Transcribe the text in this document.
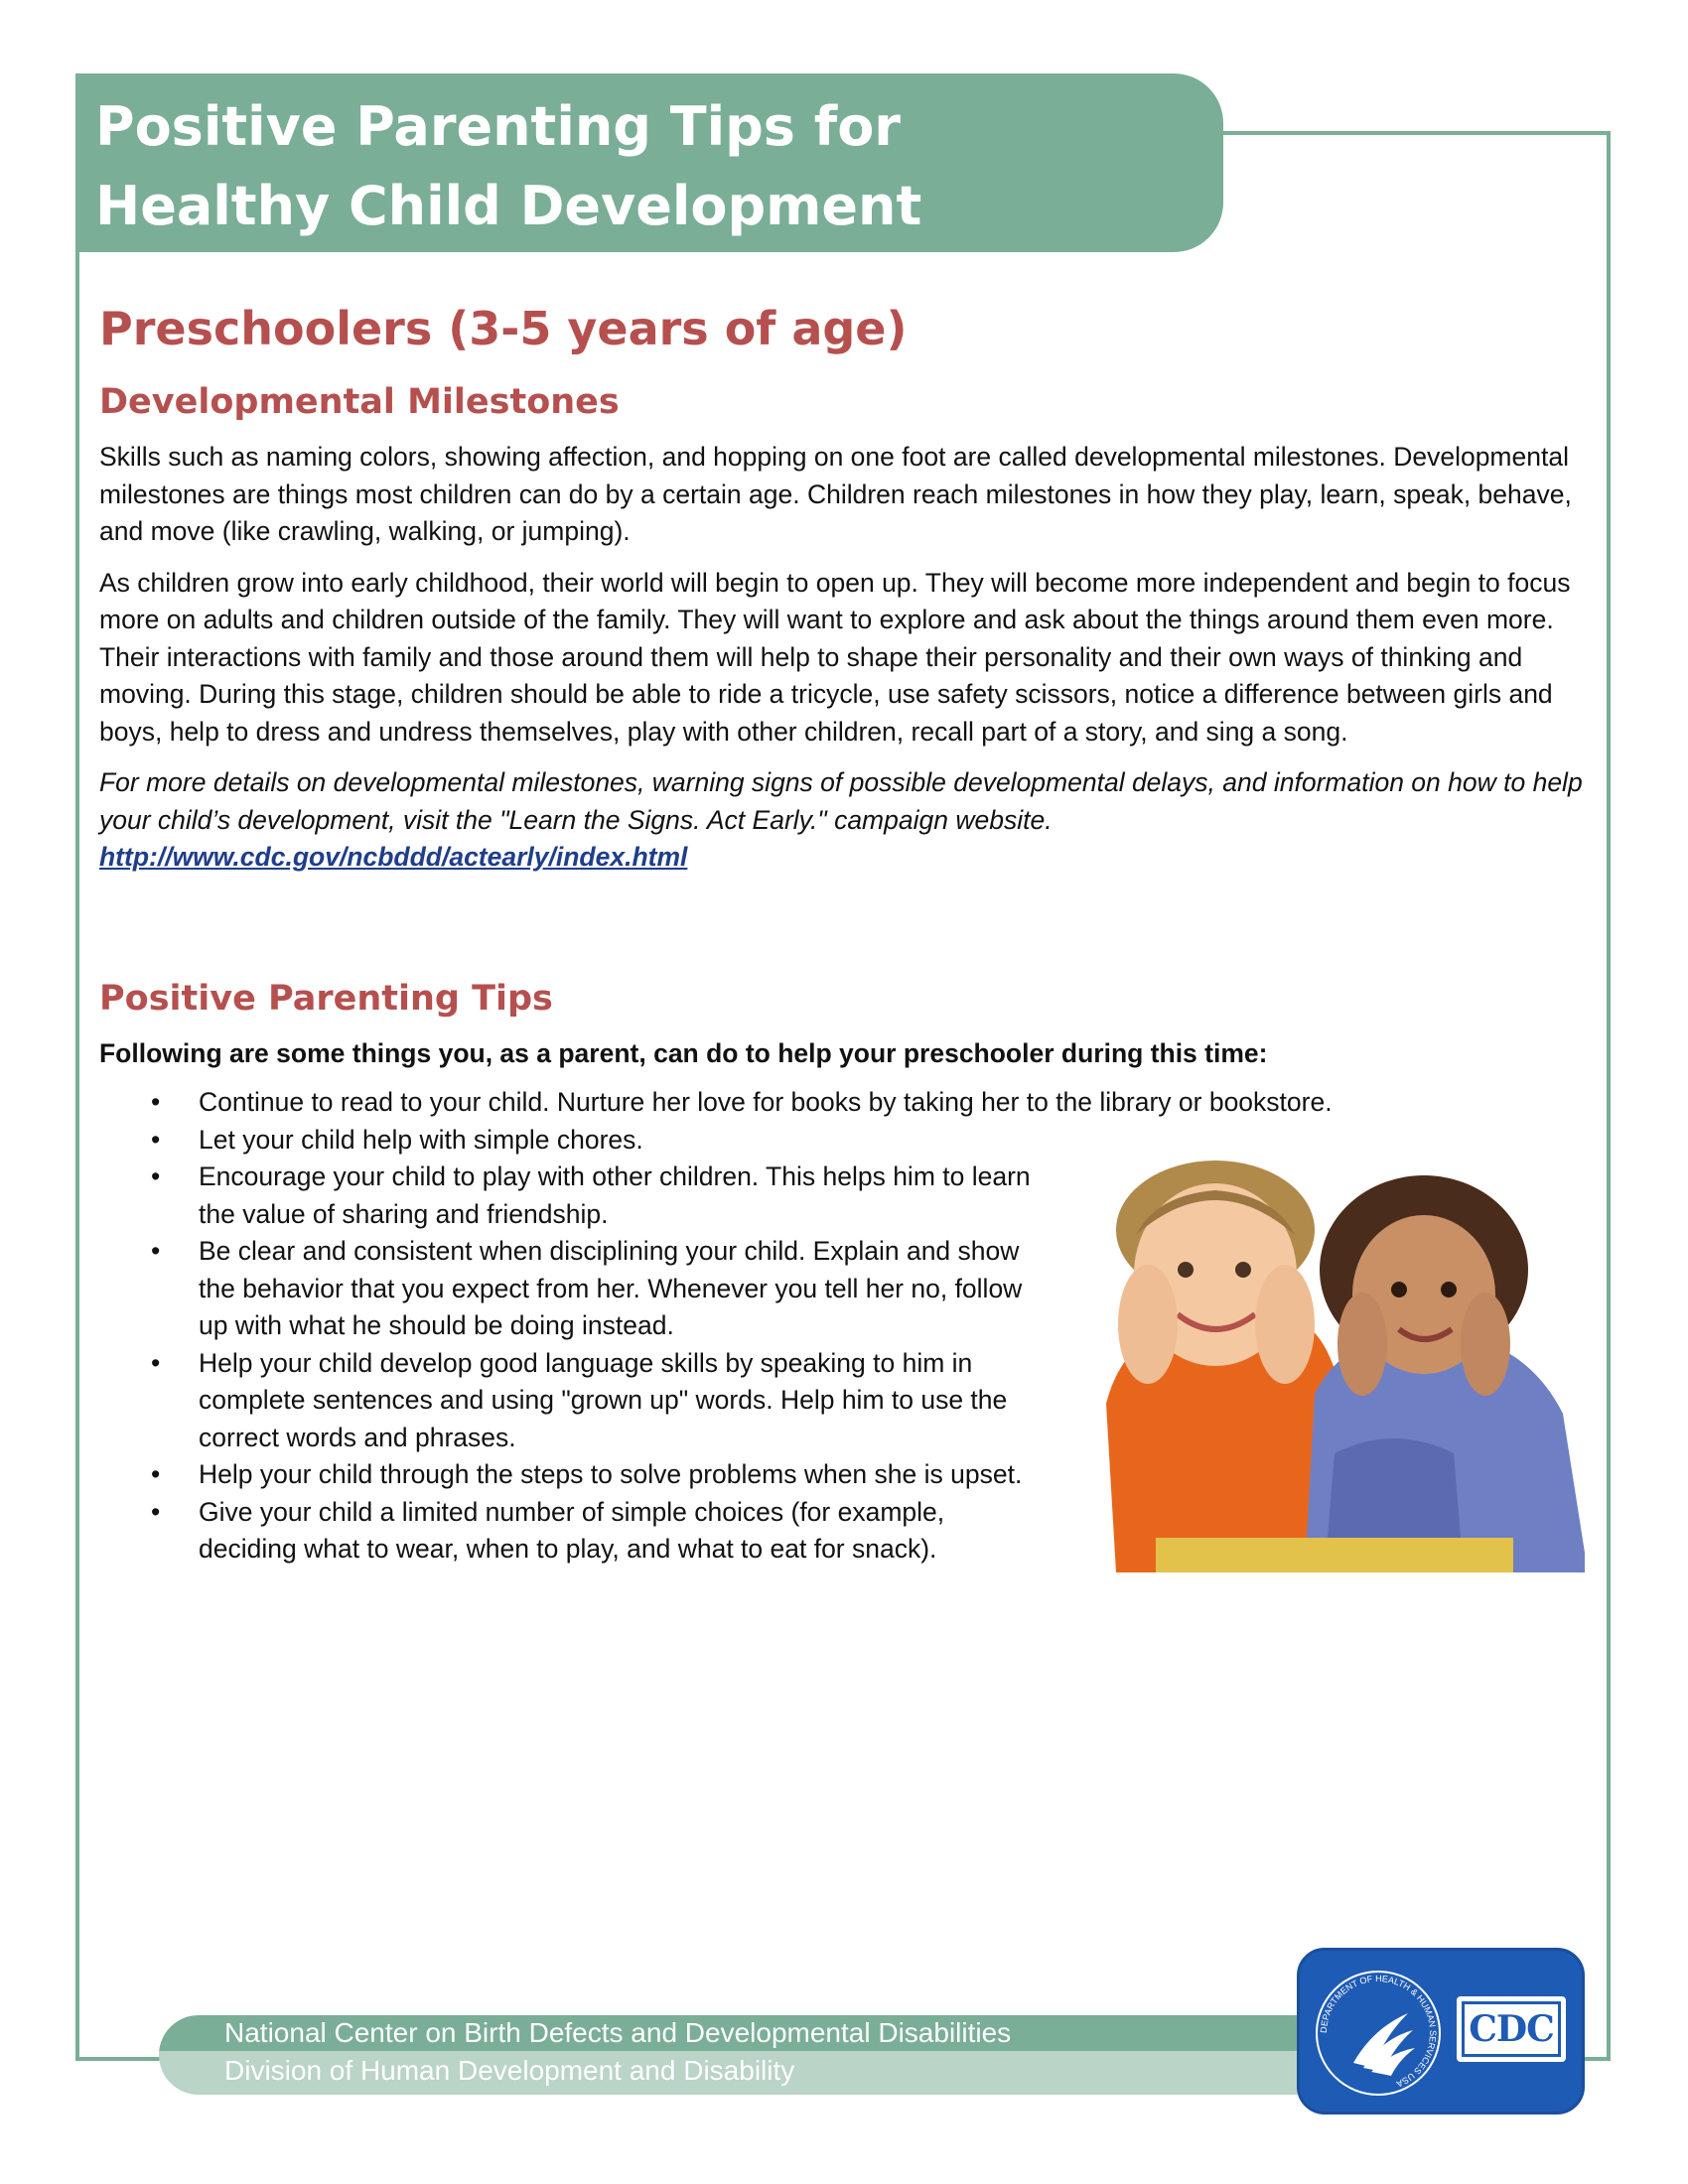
Positive Parenting Tips for
Healthy Child Development
Preschoolers (3-5 years of age)
Developmental Milestones

Skills such as naming colors, showing affection, and hopping on one foot are called developmental milestones. Developmental milestones are things most children can do by a certain age. Children reach milestones in how they play, learn, speak, behave, and move (like crawling, walking, or jumping).

As children grow into early childhood, their world will begin to open up. They will become more independent and begin to focus more on adults and children outside of the family. They will want to explore and ask about the things around them even more. Their interactions with family and those around them will help to shape their personality and their own ways of thinking and moving. During this stage, children should be able to ride a tricycle, use safety scissors, notice a difference between girls and boys, help to dress and undress themselves, play with other children, recall part of a story, and sing a song.

For more details on developmental milestones, warning signs of possible developmental delays, and information on how to help your child’s development, visit the "Learn the Signs. Act Early." campaign website.

http://www.cdc.gov/ncbddd/actearly/index.html
Positive Parenting Tips

Following are some things you, as a parent, can do to help your preschooler during this time:

• Continue to read to your child. Nurture her love for books by taking her to the library or bookstore.
• Let your child help with simple chores.
• Encourage your child to play with other children. This helps him to learn the value of sharing and friendship.
• Be clear and consistent when disciplining your child. Explain and show the behavior that you expect from her. Whenever you tell her no, follow up with what he should be doing instead.
• Help your child develop good language skills by speaking to him in complete sentences and using "grown up" words. Help him to use the correct words and phrases.
• Help your child through the steps to solve problems when she is upset.
• Give your child a limited number of simple choices (for example, deciding what to wear, when to play, and what to eat for snack).
National Center on Birth Defects and Developmental Disabilities
Division of Human Development and Disability
DEPARTMENT OF HEALTH & HUMAN SERVICES USA
CDC
